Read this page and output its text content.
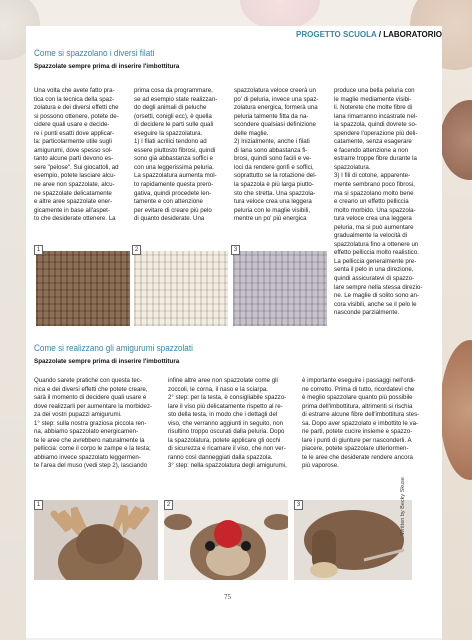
PROGETTO SCUOLA / LABORATORIO
Come si spazzolano i diversi filati
Spazzolate sempre prima di inserire l'imbottitura
Una volta che avete fatto pra-
tica con la tecnica della spaz-
zolatura e dei diversi effetti che
si possono ottenere, potete de-
cidere quali usare e decide-
re i punti esatti dove applicar-
la: particolarmente utile sugli
amigurumi, dove spesso sol-
tanto alcune parti devono es-
sere "pelose". Sui giocattoli, ad
esempio, potete lasciare alcu-
ne aree non spazzolate, alcu-
ne spazzolate delicatamente
e altre aree spazzolate ener-
gicamente in base all'aspet-
to che desiderate ottenere. La
prima cosa da programmare,
se ad esempio state realizzan-
do degli animali di peluche
(orsetti, conigli ecc), è quella
di decidere le parti sulle quali
eseguire la spazzolatura.
1) I filati acrilici tendono ad
essere piuttosto fibrosi, quindi
sono già abbastanza soffici e
con una leggerissima peluria.
La spazzolatura aumenta mol-
to rapidamente questa prero-
gativa, quindi procedete len-
tamente e con attenzione
per evitare di creare più pelo
di quanto desiderate. Una
spazzolatura veloce creerà un
po' di peluria, invece una spaz-
zolatura energica, formerà una
peluria talmente fitta da na-
scondere qualsiasi definizione
delle maglie.
2) Inizialmente, anche i filati
di lana sono abbastanza fi-
brosi, quindi sono facili e ve-
loci da rendere gonfi e soffici,
soprattutto se la rotazione del-
la spazzola è più larga piutto-
sto che stretta. Una spazzola-
tura veloce crea una leggera
peluria con le maglie visibili,
mentre un po' più energica
produce una bella peluria con
le maglie mediamente visibi-
li. Noterete che molte fibre di
lana rimarranno incastrate nel-
la spazzola, quindi dovrete so-
spendere l'operazione più deli-
catamente, senza esagerare
e facendo attenzione a non
estrarre troppe fibre durante la
spazzolatura.
3) I fili di cotone, apparente-
mente sembrano poco fibrosi,
ma si spazzolano molto bene
e creano un effetto pelliccia
molto morbido. Una spazzola-
tura veloce crea una leggera
peluria, ma si può aumentare
gradualmente la velocità di
spazzolatura fino a ottenere un
effetto pelliccia molto realistico.
La pelliccia generalmente pre-
senta il pelo in una direzione,
quindi assicuratevi di spazzo-
lare sempre nella stessa direzio-
ne. Le maglie di solito sono an-
cora visibili, anche se il pelo le
nasconde parzialmente.
1	2	3
Come si realizzano gli amigurumi spazzolati
Spazzolate sempre prima di inserire l'imbottitura
Quando sarete pratiche con questa tec-
nica e dei diversi effetti che potete creare,
sarà il momento di decidere quali usare e
dove realizzarli per aumentare la morbidez-
za dei vostri pupazzi amigurumi.
1° step: sulla nostra graziosa piccola ren-
na, abbiamo spazzolato energicamen-
te le aree che avrebbero naturalmente la
pelliccia: come il corpo le zampe e la testa;
abbiamo invece spazzolato leggermen-
te l'area del muso (vedi step 2), lasciando
infine altre aree non spazzolate come gli
zoccoli, le corna, il naso e la sciarpa.
2° step: per la testa, è consigliabile spazzo-
lare il viso più delicatamente rispetto al re-
sto della testa, in modo che i dettagli del
viso, che verranno aggiunti in seguito, non
risultino troppo oscurati dalla peluria. Dopo
la spazzolatura, potete applicare gli occhi
di sicurezza e ricamare il viso, che non ver-
ranno così danneggiati dalla spazzola.
3° step: nella spazzolatura degli amigurumi,
è importante eseguire i passaggi nell'ordi-
ne corretto. Prima di tutto, ricordatevi che
è meglio spazzolare quanto più possibile
prima dell'imbottitura, altrimenti si rischia
di estrarre alcune fibre dell'imbottitura stes-
sa. Dopo aver spazzolato e imbottito le va-
rie parti, potete cucire insieme e spazzo-
lare i punti di giunture per nasconderli. A
piacere, potete spazzolare ulteriormen-
te le aree che desiderate rendere ancora
più vaporose.
1	2	3
75
Written by Becky Skuse
